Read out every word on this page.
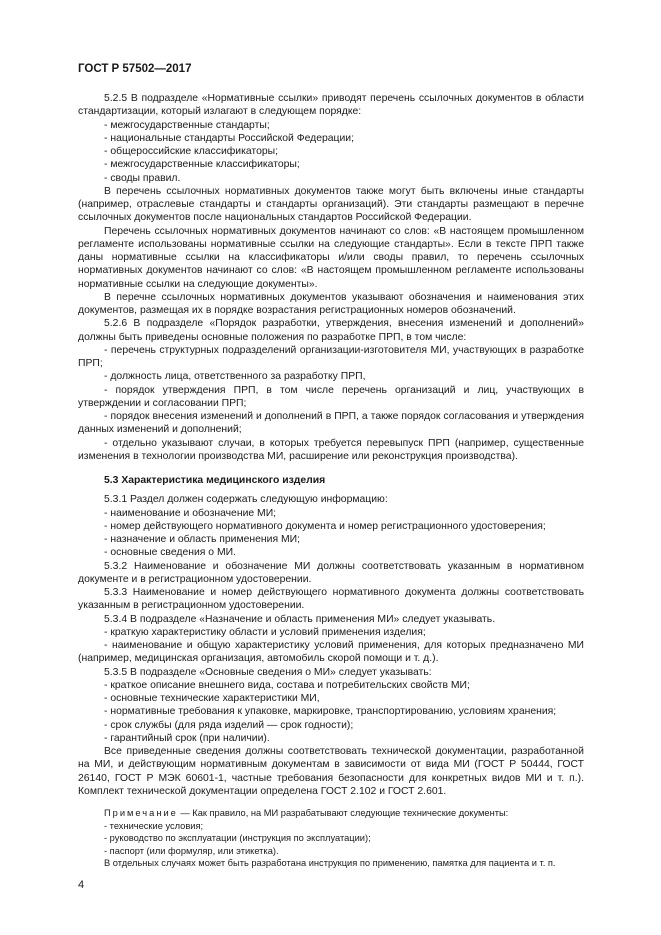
ГОСТ Р 57502—2017

5.2.5 В подразделе «Нормативные ссылки» приводят перечень ссылочных документов в области стандартизации, который излагают в следующем порядке:

- межгосударственные стандарты;

- национальные стандарты Российской Федерации;

- общероссийские классификаторы;

- межгосударственные классификаторы;

- своды правил.

В перечень ссылочных нормативных документов также могут быть включены иные стандарты (например, отраслевые стандарты и стандарты организаций). Эти стандарты размещают в перечне ссылочных документов после национальных стандартов Российской Федерации.

Перечень ссылочных нормативных документов начинают со слов: «В настоящем промышленном регламенте использованы нормативные ссылки на следующие стандарты». Если в тексте ПРП также даны нормативные ссылки на классификаторы и/или своды правил, то перечень ссылочных нормативных документов начинают со слов: «В настоящем промышленном регламенте использованы нормативные ссылки на следующие документы».

В перечне ссылочных нормативных документов указывают обозначения и наименования этих документов, размещая их в порядке возрастания регистрационных номеров обозначений.

5.2.6 В подразделе «Порядок разработки, утверждения, внесения изменений и дополнений» должны быть приведены основные положения по разработке ПРП, в том числе:

- перечень структурных подразделений организации-изготовителя МИ, участвующих в разработке ПРП;

- должность лица, ответственного за разработку ПРП,

- порядок утверждения ПРП, в том числе перечень организаций и лиц, участвующих в утверждении и согласовании ПРП;

- порядок внесения изменений и дополнений в ПРП, а также порядок согласования и утверждения данных изменений и дополнений;

- отдельно указывают случаи, в которых требуется перевыпуск ПРП (например, существенные изменения в технологии производства МИ, расширение или реконструкция производства).

5.3 Характеристика медицинского изделия

5.3.1 Раздел должен содержать следующую информацию:

- наименование и обозначение МИ;

- номер действующего нормативного документа и номер регистрационного удостоверения;

- назначение и область применения МИ;

- основные сведения о МИ.

5.3.2 Наименование и обозначение МИ должны соответствовать указанным в нормативном документе и в регистрационном удостоверении.

5.3.3 Наименование и номер действующего нормативного документа должны соответствовать указанным в регистрационном удостоверении.

5.3.4 В подразделе «Назначение и область применения МИ» следует указывать.

- краткую характеристику области и условий применения изделия;

- наименование и общую характеристику условий применения, для которых предназначено МИ (например, медицинская организация, автомобиль скорой помощи и т. д.).

5.3.5 В подразделе «Основные сведения о МИ» следует указывать:

- краткое описание внешнего вида, состава и потребительских свойств МИ;

- основные технические характеристики МИ,

- нормативные требования к упаковке, маркировке, транспортированию, условиям хранения;

- срок службы (для ряда изделий — срок годности);

- гарантийный срок (при наличии).

Все приведенные сведения должны соответствовать технической документации, разработанной на МИ, и действующим нормативным документам в зависимости от вида МИ (ГОСТ Р 50444, ГОСТ 26140, ГОСТ Р МЭК 60601-1, частные требования безопасности для конкретных видов МИ и т. п.). Комплект технической документации определена ГОСТ 2.102 и ГОСТ 2.601.

Примечание — Как правило, на МИ разрабатывают следующие технические документы:

- технические условия;

- руководство по эксплуатации (инструкция по эксплуатации);

- паспорт (или формуляр, или этикетка).

В отдельных случаях может быть разработана инструкция по применению, памятка для пациента и т. п.

4
